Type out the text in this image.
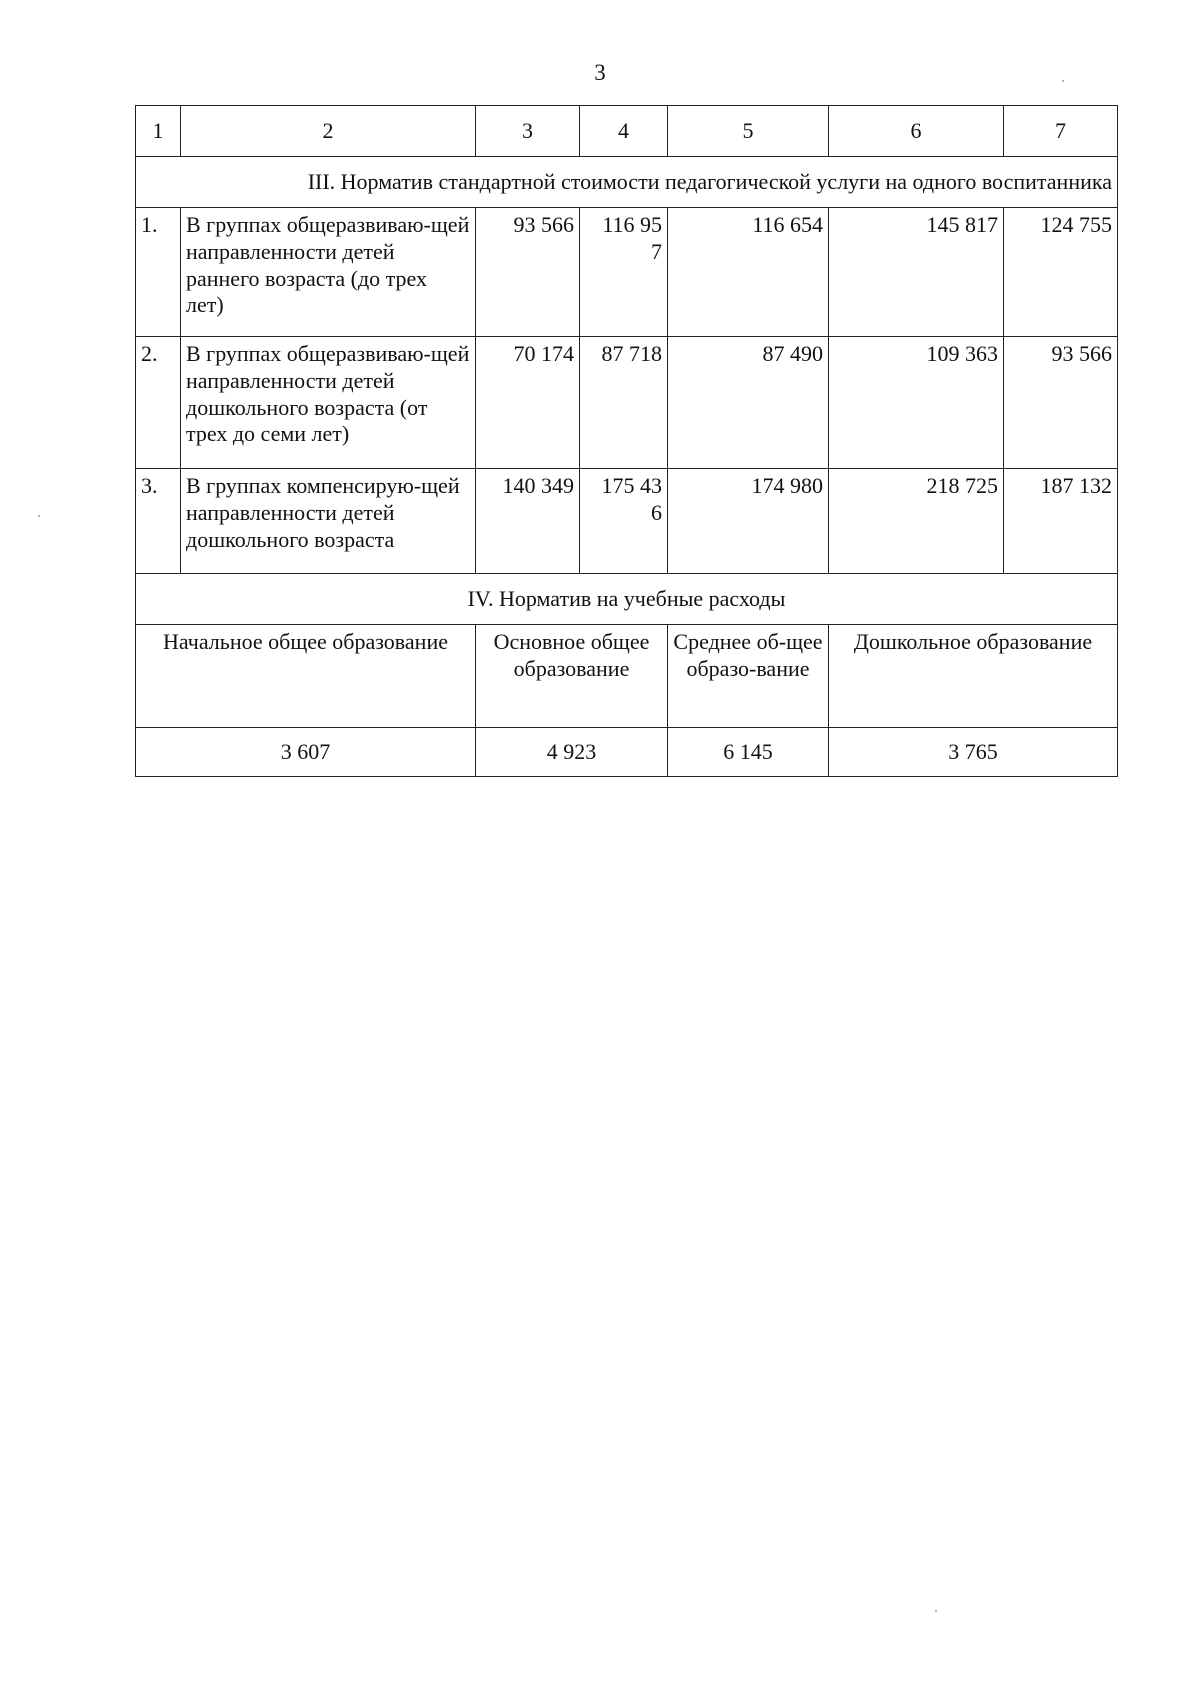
3
1	2	3	4	5	6	7
III. Норматив стандартной стоимости педагогической услуги на одного воспитанника						
1.	В группах общеразвиваю-щей направленности детей раннего возраста (до трех лет)	93 566	116 957	116 654	145 817	124 755
2.	В группах общеразвиваю-щей направленности детей дошкольного возраста (от трех до семи лет)	70 174	87 718	87 490	109 363	93 566
3.	В группах компенсирую-щей направленности детей дошкольного возраста	140 349	175 436	174 980	218 725	187 132
IV. Норматив на учебные расходы						
Начальное общее образование		Основное общее образование		Среднее об-щее образо-вание	Дошкольное образование	
3 607		4 923		6 145	3 765	
